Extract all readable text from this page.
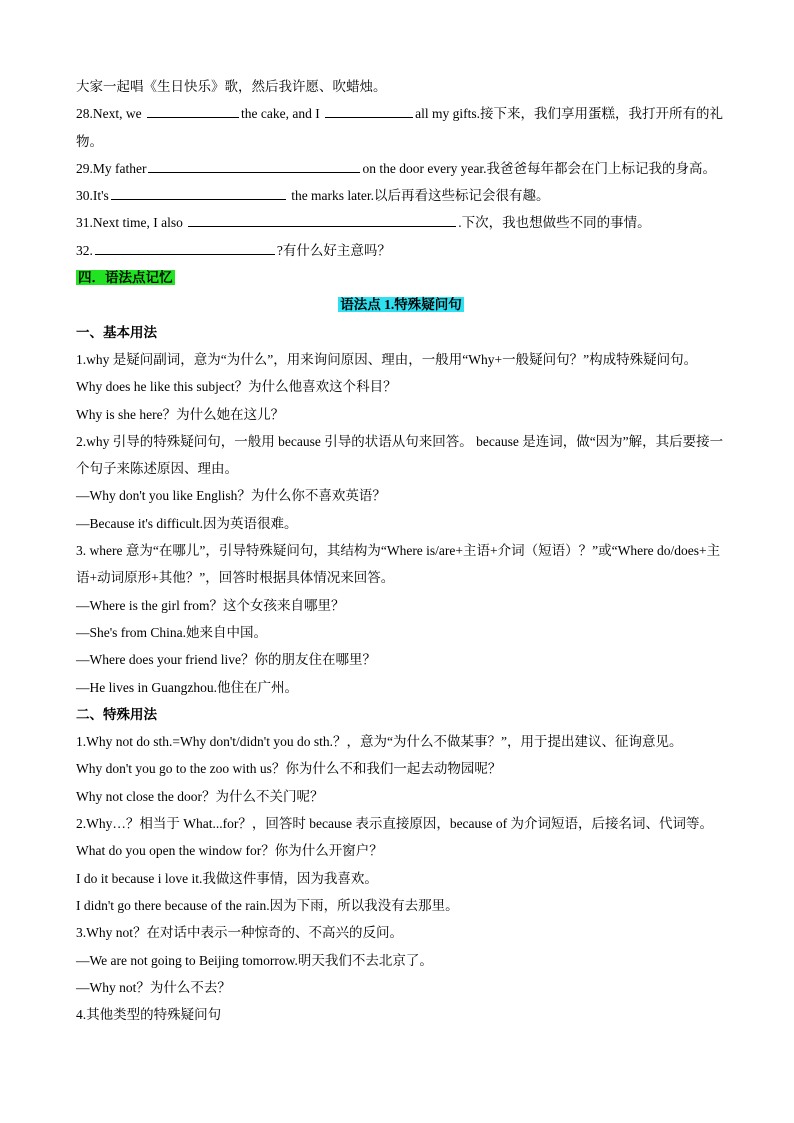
大家一起唱《生日快乐》歌，然后我许愿、吹蜡烛。
28.Next, we	the cake, and I	all my gifts.接下来，我们享用蛋糕，我打开所有的礼物。
29.My father	on the door every year.我爸爸每年都会在门上标记我的身高。
30.It's	the marks later.以后再看这些标记会很有趣。
31.Next time, I also	.下次，我也想做些不同的事情。
32.	?有什么好主意吗？
四．语法点记忆
语法点 1.特殊疑问句
一、基本用法
1.why 是疑问副词，意为“为什么”，用来询问原因、理由，一般用“Why+一般疑问句？”构成特殊疑问句。
Why does he like this subject？为什么他喜欢这个科目？
Why is she here？为什么她在这儿？
2.why 引导的特殊疑问句，一般用 because 引导的状语从句来回答。 because 是连词，做“因为”解，其后要接一个句子来陈述原因、理由。
—Why don't you like English？为什么你不喜欢英语？
—Because it's difficult.因为英语很难。
3. where 意为“在哪儿”，引导特殊疑问句，其结构为“Where is/are+主语+介词（短语）？”或“Where do/does+主语+动词原形+其他？”，回答时根据具体情况来回答。
—Where is the girl from？这个女孩来自哪里？
—She's from China.她来自中国。
—Where does your friend live？你的朋友住在哪里？
—He lives in Guangzhou.他住在广州。
二、特殊用法
1.Why not do sth.=Why don't/didn't you do sth.？，意为“为什么不做某事？”，用于提出建议、征询意见。
Why don't you go to the zoo with us？你为什么不和我们一起去动物园呢？
Why not close the door？为什么不关门呢？
2.Why…？相当于 What...for？，回答时 because 表示直接原因，because of 为介词短语，后接名词、代词等。
What do you open the window for？你为什么开窗户？
I do it because i love it.我做这件事情，因为我喜欢。
I didn't go there because of the rain.因为下雨，所以我没有去那里。
3.Why not？在对话中表示一种惊奇的、不高兴的反问。
—We are not going to Beijing tomorrow.明天我们不去北京了。
—Why not？为什么不去？
4.其他类型的特殊疑问句
